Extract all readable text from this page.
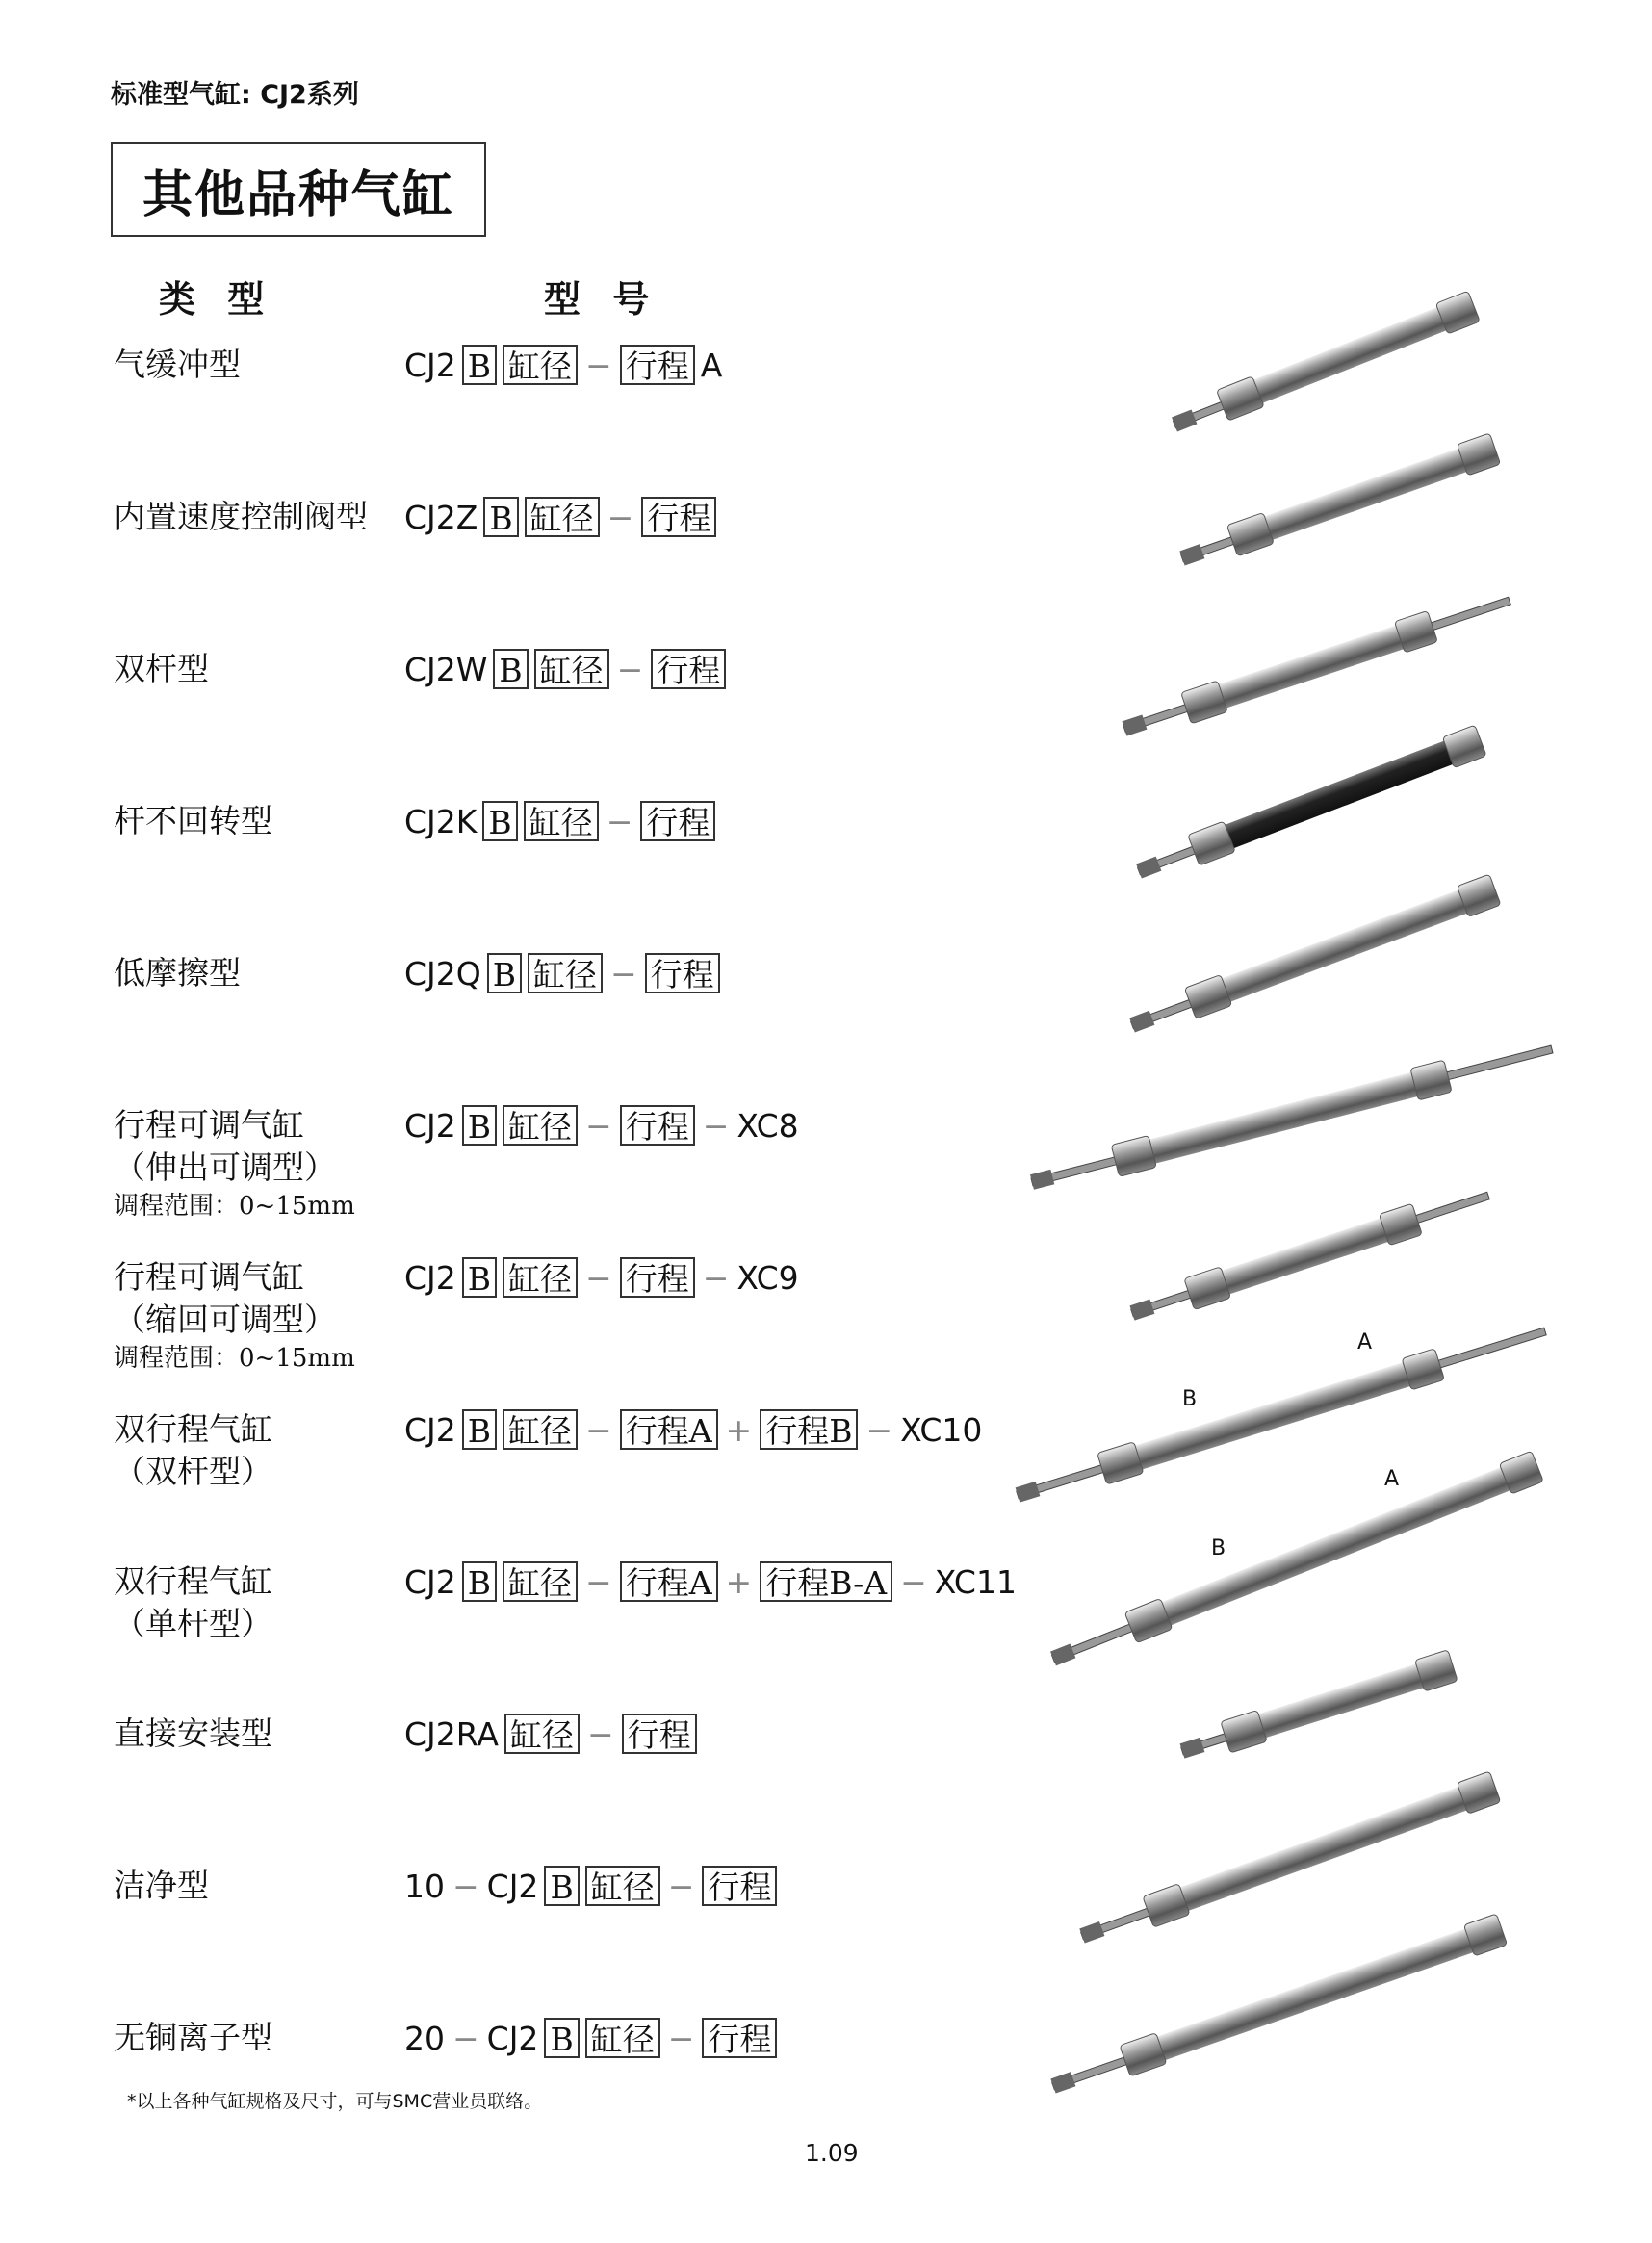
标准型气缸: CJ2系列
其他品种气缸
类 型	型 号
气缓冲型	CJ2 B 缸径 − 行程 A
内置速度控制阀型 CJ2Z B 缸径 − 行程
双杆型	CJ2W B 缸径 − 行程
杆不回转型	CJ2K B 缸径 − 行程
低摩擦型	CJ2Q B 缸径 − 行程
行程可调气缸
（伸出可调型）
调程范围：0~15mm
CJ2 B 缸径 − 行程 − XC8
行程可调气缸
（缩回可调型）
调程范围：0~15mm
CJ2 B 缸径 − 行程 − XC9
双行程气缸
（双杆型）
CJ2 B 缸径 − 行程A + 行程B − XC10
双行程气缸
（单杆型）
CJ2 B 缸径 − 行程A + 行程B-A − XC11
直接安装型	CJ2RA 缸径 − 行程
洁净型	10 − CJ2 B 缸径 − 行程
无铜离子型	20 − CJ2 B 缸径 − 行程
A
B
A
B
*以上各种气缸规格及尺寸，可与SMC营业员联络。
1.09
